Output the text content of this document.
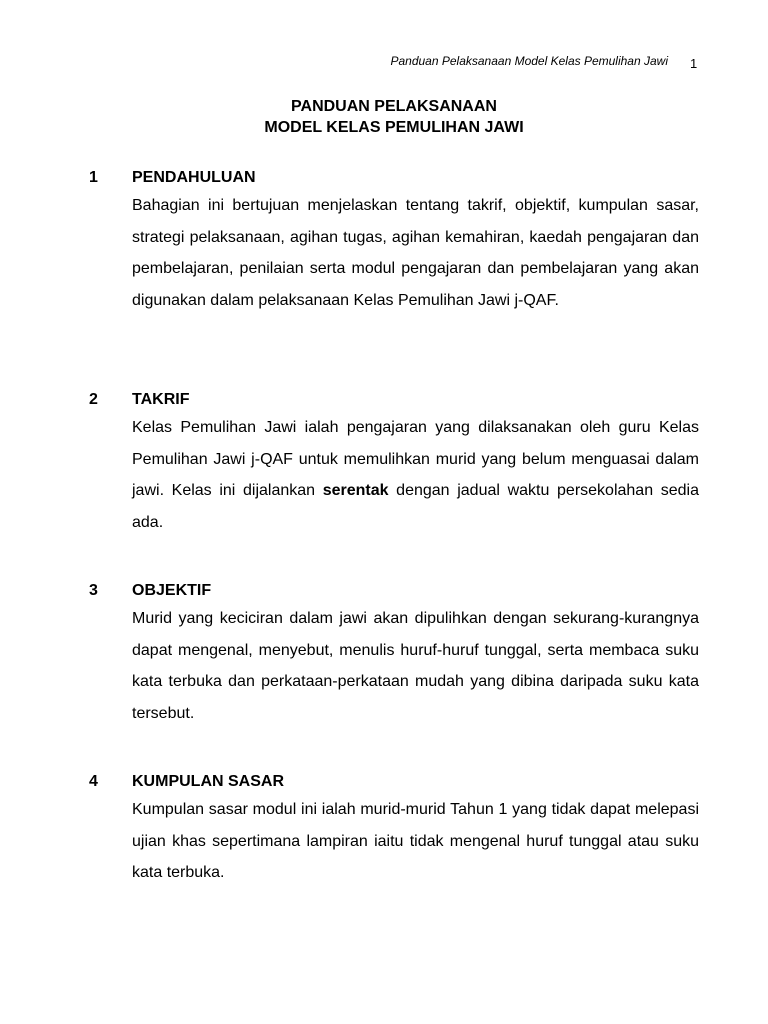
Panduan Pelaksanaan Model Kelas Pemulihan Jawi 1
PANDUAN PELAKSANAAN
MODEL KELAS PEMULIHAN JAWI
1 PENDAHULUAN
Bahagian ini bertujuan menjelaskan tentang takrif, objektif, kumpulan sasar, strategi pelaksanaan, agihan tugas, agihan kemahiran, kaedah pengajaran dan pembelajaran, penilaian serta modul pengajaran dan pembelajaran yang akan digunakan dalam pelaksanaan Kelas Pemulihan Jawi j-QAF.
2 TAKRIF
Kelas Pemulihan Jawi ialah pengajaran yang dilaksanakan oleh guru Kelas Pemulihan Jawi j-QAF untuk memulihkan murid yang belum menguasai dalam jawi. Kelas ini dijalankan serentak dengan jadual waktu persekolahan sedia ada.
3 OBJEKTIF
Murid yang keciciran dalam jawi akan dipulihkan dengan sekurang-kurangnya dapat mengenal, menyebut, menulis huruf-huruf tunggal, serta membaca suku kata terbuka dan perkataan-perkataan mudah yang dibina daripada suku kata tersebut.
4 KUMPULAN SASAR
Kumpulan sasar modul ini ialah murid-murid Tahun 1 yang tidak dapat melepasi ujian khas sepertimana lampiran iaitu tidak mengenal huruf tunggal atau suku kata terbuka.
